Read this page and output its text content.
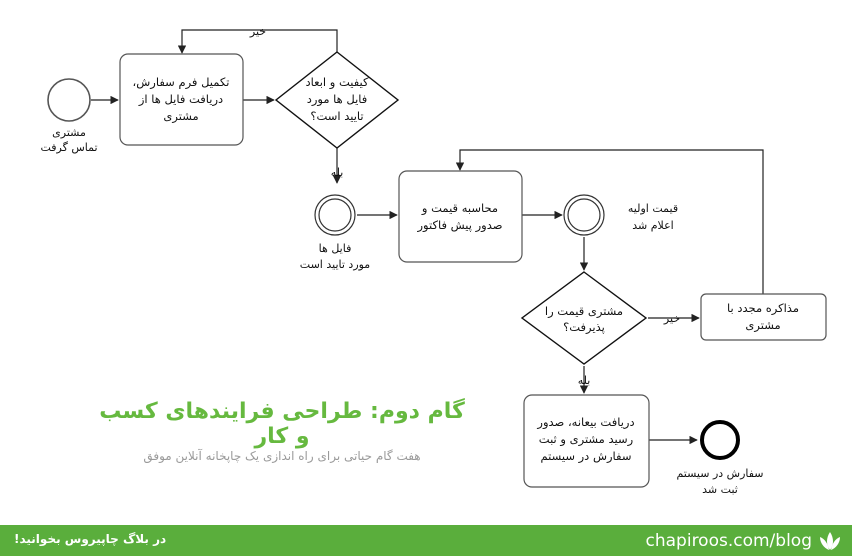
مشتری
تماس گرفت
تکمیل فرم سفارش،
دریافت فایل ها از
مشتری
کیفیت و ابعاد
فایل ها مورد
تایید است؟
خیر
بله
فایل ها
مورد تایید است
محاسبه قیمت و
صدور پیش فاکتور
قیمت اولیه
اعلام شد
مشتری قیمت را
پذیرفت؟
خیر
بله
مذاکره مجدد با
مشتری
دریافت بیعانه، صدور
رسید مشتری و ثبت
سفارش در سیستم
سفارش در سیستم
ثبت شد
گام دوم: طراحی فرایندهای کسب و کار
هفت گام حیاتی برای راه اندازی یک چاپخانه آنلاین موفق
در بلاگ چاپیروس بخوانید!	chapiroos.com/blog
